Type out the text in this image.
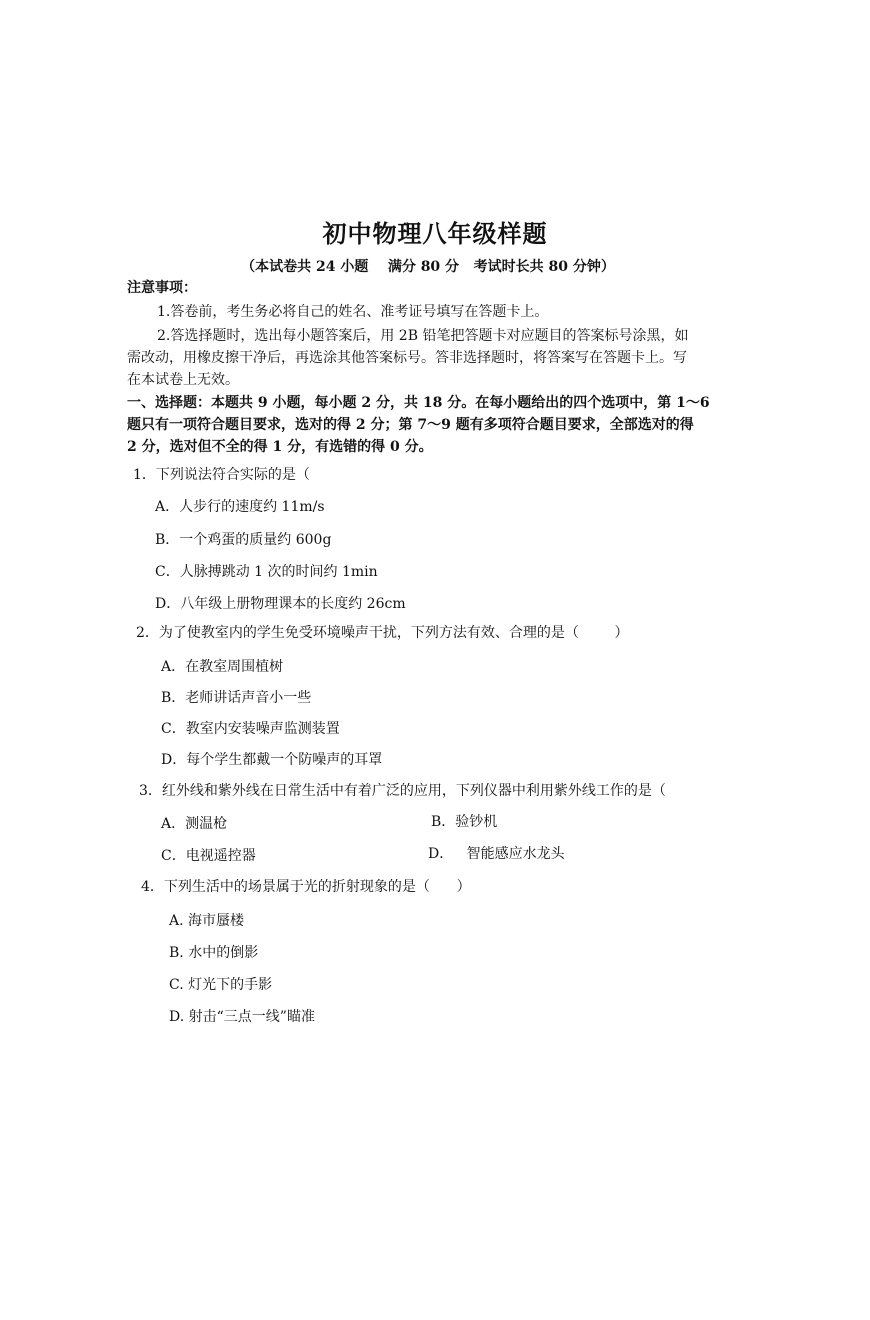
初中物理八年级样题
（本试卷共 24 小题    满分 80 分   考试时长共 80 分钟）
注意事项：
1.答卷前，考生务必将自己的姓名、准考证号填写在答题卡上。
2.答选择题时，选出每小题答案后，用 2B 铅笔把答题卡对应题目的答案标号涂黑，如
需改动，用橡皮擦干净后，再选涂其他答案标号。答非选择题时，将答案写在答题卡上。写
在本试卷上无效。
一、选择题：本题共 9 小题，每小题 2 分，共 18 分。在每小题给出的四个选项中，第 1～6
题只有一项符合题目要求，选对的得 2 分；第 7～9 题有多项符合题目要求，全部选对的得
2 分，选对但不全的得 1 分，有选错的得 0 分。
1．下列说法符合实际的是（
A．人步行的速度约 11m/s
B．一个鸡蛋的质量约 600g
C．人脉搏跳动 1 次的时间约 1min
D．八年级上册物理课本的长度约 26cm
2．为了使教室内的学生免受环境噪声干扰，下列方法有效、合理的是（        ）
A．在教室周围植树
B．老师讲话声音小一些
C．教室内安装噪声监测装置
D．每个学生都戴一个防噪声的耳罩
3．红外线和紫外线在日常生活中有着广泛的应用，下列仪器中利用紫外线工作的是（
A．测温枪	B．验钞机
C．电视遥控器	D．   智能感应水龙头
4．下列生活中的场景属于光的折射现象的是（      ）
A. 海市蜃楼
B. 水中的倒影
C. 灯光下的手影
D. 射击“三点一线”瞄准
